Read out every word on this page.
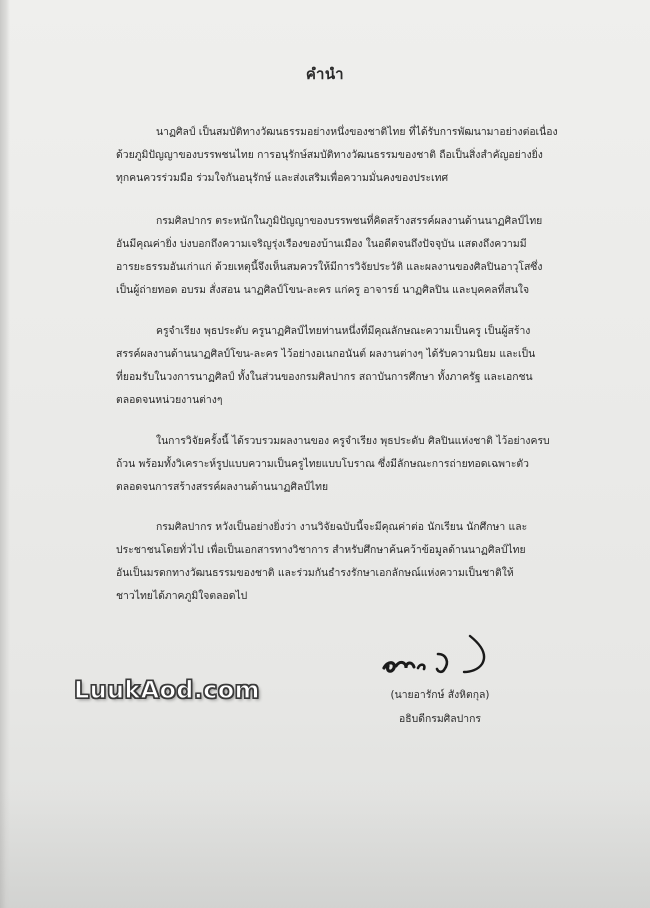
คำนำ
นาฏศิลป์ เป็นสมบัติทางวัฒนธรรมอย่างหนึ่งของชาติไทย ที่ได้รับการพัฒนามาอย่างต่อเนื่อง
ด้วยภูมิปัญญาของบรรพชนไทย การอนุรักษ์สมบัติทางวัฒนธรรมของชาติ ถือเป็นสิ่งสำคัญอย่างยิ่ง
ทุกคนควรร่วมมือ ร่วมใจกันอนุรักษ์ และส่งเสริมเพื่อความมั่นคงของประเทศ
กรมศิลปากร ตระหนักในภูมิปัญญาของบรรพชนที่คิดสร้างสรรค์ผลงานด้านนาฏศิลป์ไทย
อันมีคุณค่ายิ่ง บ่งบอกถึงความเจริญรุ่งเรืองของบ้านเมือง ในอดีตจนถึงปัจจุบัน แสดงถึงความมี
อารยะธรรมอันเก่าแก่ ด้วยเหตุนี้จึงเห็นสมควรให้มีการวิจัยประวัติ และผลงานของศิลปินอาวุโสซึ่ง
เป็นผู้ถ่ายทอด อบรม สั่งสอน นาฏศิลป์โขน-ละคร แก่ครู อาจารย์ นาฏศิลปิน และบุคคลที่สนใจ
ครูจำเรียง พุธประดับ ครูนาฏศิลป์ไทยท่านหนึ่งที่มีคุณลักษณะความเป็นครู เป็นผู้สร้าง
สรรค์ผลงานด้านนาฏศิลป์โขน-ละคร ไว้อย่างอเนกอนันต์ ผลงานต่างๆ ได้รับความนิยม และเป็น
ที่ยอมรับในวงการนาฏศิลป์ ทั้งในส่วนของกรมศิลปากร สถาบันการศึกษา ทั้งภาครัฐ และเอกชน
ตลอดจนหน่วยงานต่างๆ
ในการวิจัยครั้งนี้ ได้รวบรวมผลงานของ ครูจำเรียง พุธประดับ ศิลปินแห่งชาติ ไว้อย่างครบ
ถ้วน พร้อมทั้งวิเคราะห์รูปแบบความเป็นครูไทยแบบโบราณ ซึ่งมีลักษณะการถ่ายทอดเฉพาะตัว
ตลอดจนการสร้างสรรค์ผลงานด้านนาฏศิลป์ไทย
กรมศิลปากร หวังเป็นอย่างยิ่งว่า งานวิจัยฉบับนี้จะมีคุณค่าต่อ นักเรียน นักศึกษา และ
ประชาชนโดยทั่วไป เพื่อเป็นเอกสารทางวิชาการ สำหรับศึกษาค้นคว้าข้อมูลด้านนาฏศิลป์ไทย
อันเป็นมรดกทางวัฒนธรรมของชาติ และร่วมกันธำรงรักษาเอกลักษณ์แห่งความเป็นชาติให้
ชาวไทยได้ภาคภูมิใจตลอดไป
(นายอารักษ์ สังหิตกุล)
อธิบดีกรมศิลปากร
LuukAod.com
